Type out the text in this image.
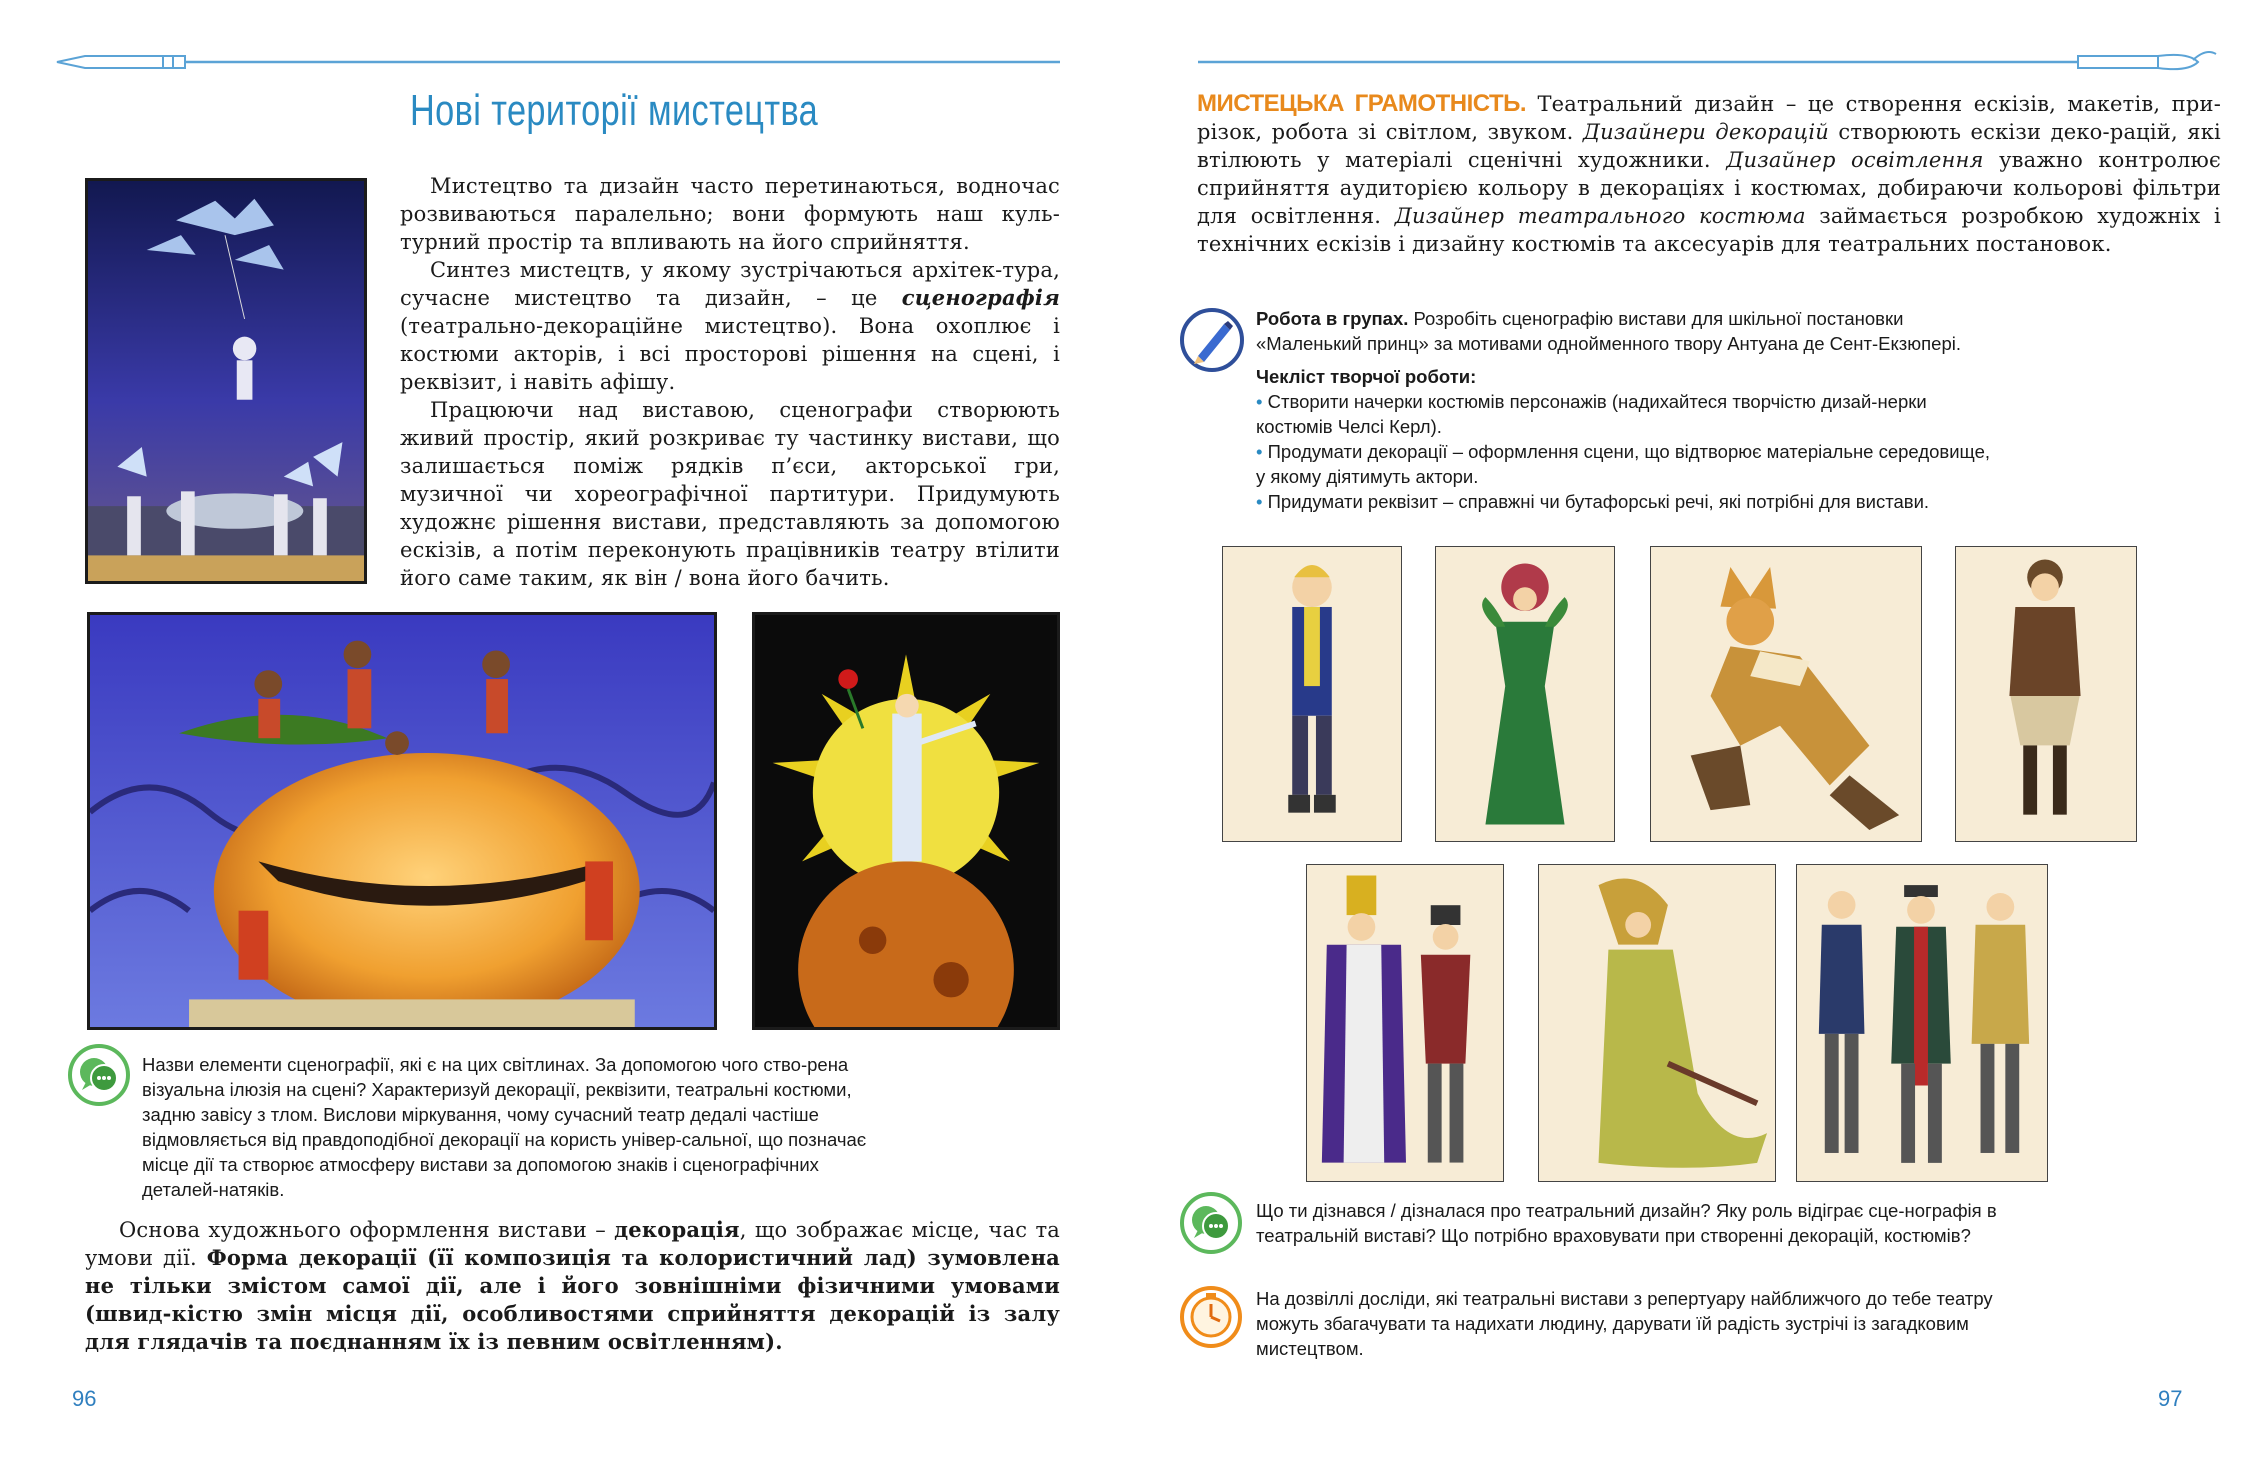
Нові території мистецтва

Мистецтво та дизайн часто перетинаються, водночас розвиваються паралельно; вони формують наш куль-турний простір та впливають на його сприйняття.

Синтез мистецтв, у якому зустрічаються архітек-тура, сучасне мистецтво та дизайн, – це сценографія (театрально-декораційне мистецтво). Вона охоплює і костюми акторів, і всі просторові рішення на сцені, і реквізит, і навіть афішу.

Працюючи над виставою, сценографи створюють живий простір, який розкриває ту частинку вистави, що залишається поміж рядків п’єси, акторської гри, музичної чи хореографічної партитури. Придумують художнє рішення вистави, представляють за допомогою ескізів, а потім переконують працівників театру втілити його саме таким, як він / вона його бачить.

Назви елементи сценографії, які є на цих світлинах. За допомогою чого ство-рена візуальна ілюзія на сцені? Характеризуй декорації, реквізити, театральні костюми, задню завісу з тлом. Вислови міркування, чому сучасний театр дедалі частіше відмовляється від правдоподібної декорації на користь універ-сальної, що позначає місце дії та створює атмосферу вистави за допомогою знаків і сценографічних деталей-натяків.

Основа художнього оформлення вистави – декорація, що зображає місце, час та умови дії. Форма декорації (її композиція та колористичний лад) зумовлена не тільки змістом самої дії, але і його зовнішніми фізичними умовами (швид-кістю змін місця дії, особливостями сприйняття декорацій із залу для глядачів та поєднанням їх із певним освітленням).

96

МИСТЕЦЬКА ГРАМОТНІСТЬ. Театральний дизайн – це створення ескізів, макетів, при-різок, робота зі світлом, звуком. Дизайнери декорацій створюють ескізи деко-рацій, які втілюють у матеріалі сценічні художники. Дизайнер освітлення уважно контролює сприйняття аудиторією кольору в декораціях і костюмах, добираючи кольорові фільтри для освітлення. Дизайнер театрального костюма займається розробкою художніх і технічних ескізів і дизайну костюмів та аксесуарів для театральних постановок.

Робота в групах. Розробіть сценографію вистави для шкільної постановки «Маленький принц» за мотивами однойменного твору Антуана де Сент-Екзюпері.
Чекліст творчої роботи:
• Створити начерки костюмів персонажів (надихайтеся творчістю дизай-нерки костюмів Челсі Керл).
• Продумати декорації – оформлення сцени, що відтворює матеріальне середовище, у якому діятимуть актори.
• Придумати реквізит – справжні чи бутафорські речі, які потрібні для вистави.
Що ти дізнався / дізналася про театральний дизайн? Яку роль відіграє сце-нографія в театральній виставі? Що потрібно враховувати при створенні декорацій, костюмів?
На дозвіллі досліди, які театральні вистави з репертуару найближчого до тебе театру можуть збагачувати та надихати людину, дарувати їй радість зустрічі із загадковим мистецтвом.
97
